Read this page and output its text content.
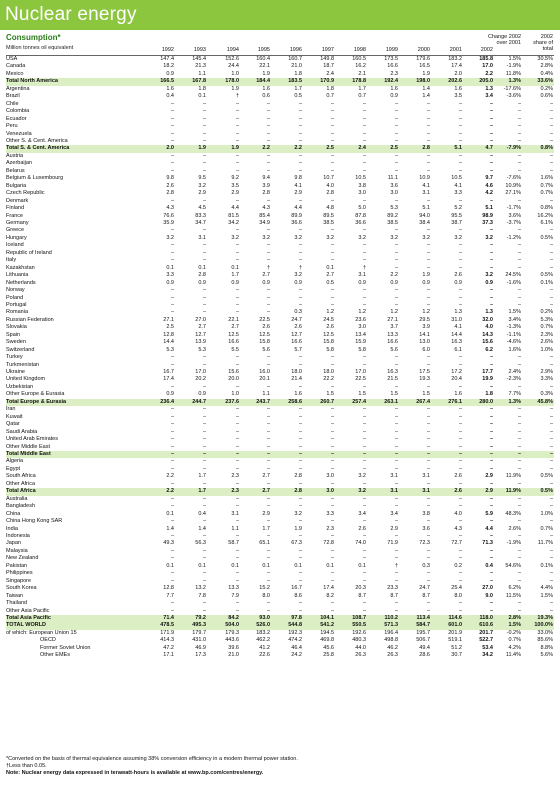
Nuclear energy
Consumption*
Million tonnes oil equivalent	1992	1993	1994	1995	1996	1997	1998	1999	2000	2001	2002
Change 2002 over 2001
2002 share of total
USA	147.4	145.4	152.6	160.4	160.7	149.8	160.5	173.5	179.6	183.2	185.8	1.5%	30.5%
Canada	18.2	21.3	24.4	22.1	21.0	18.7	16.2	16.6	16.5	17.4	17.0	-1.9%	2.8%
Mexico	0.9	1.1	1.0	1.9	1.8	2.4	2.1	2.3	1.9	2.0	2.2	11.8%	0.4%
Total North America	166.5	167.8	178.0	184.4	183.5	170.9	178.8	192.4	198.0	202.6	205.0	1.3%	33.6%
Argentina	1.6	1.8	1.9	1.6	1.7	1.8	1.7	1.6	1.4	1.6	1.3	-17.6%	0.2%
Brazil	0.4	0.1	†	0.6	0.5	0.7	0.7	0.9	1.4	3.5	3.4	-3.6%	0.6%
Chile	–	–	–	–	–	–	–	–	–	–	–	–	–
Colombia	–	–	–	–	–	–	–	–	–	–	–	–	–
Ecuador	–	–	–	–	–	–	–	–	–	–	–	–	–
Peru	–	–	–	–	–	–	–	–	–	–	–	–	–
Venezuela	–	–	–	–	–	–	–	–	–	–	–	–	–
Other S. & Cent. America	–	–	–	–	–	–	–	–	–	–	–	–	–
Total S. & Cent. America	2.0	1.9	1.9	2.2	2.2	2.5	2.4	2.5	2.8	5.1	4.7	-7.9%	0.8%
Austria	–	–	–	–	–	–	–	–	–	–	–	–	–
Azerbaijan	–	–	–	–	–	–	–	–	–	–	–	–	–
Belarus	–	–	–	–	–	–	–	–	–	–	–	–	–
Belgium & Luxembourg	9.8	9.5	9.2	9.4	9.8	10.7	10.5	11.1	10.9	10.5	9.7	-7.6%	1.6%
Bulgaria	2.6	3.2	3.5	3.9	4.1	4.0	3.8	3.6	4.1	4.1	4.6	10.9%	0.7%
Czech Republic	2.8	2.9	2.9	2.8	2.9	2.8	3.0	3.0	3.1	3.3	4.2	27.1%	0.7%
Denmark	–	–	–	–	–	–	–	–	–	–	–	–	–
Finland	4.3	4.5	4.4	4.3	4.4	4.8	5.0	5.3	5.1	5.2	5.1	-1.7%	0.8%
France	76.6	83.3	81.5	85.4	89.9	89.5	87.8	89.2	94.0	95.5	98.9	3.6%	16.2%
Germany	35.9	34.7	34.2	34.9	36.6	38.5	36.6	38.5	38.4	38.7	37.3	-3.7%	6.1%
Greece	–	–	–	–	–	–	–	–	–	–	–	–	–
Hungary	3.2	3.1	3.2	3.2	3.2	3.2	3.2	3.2	3.2	3.2	3.2	-1.2%	0.5%
Iceland	–	–	–	–	–	–	–	–	–	–	–	–	–
Republic of Ireland	–	–	–	–	–	–	–	–	–	–	–	–	–
Italy	–	–	–	–	–	–	–	–	–	–	–	–	–
Kazakhstan	0.1	0.1	0.1	†	†	0.1	†	–	–	–	–	–	–
Lithuania	3.3	2.8	1.7	2.7	3.2	2.7	3.1	2.2	1.9	2.6	3.2	24.5%	0.5%
Netherlands	0.9	0.9	0.9	0.9	0.9	0.5	0.9	0.9	0.9	0.9	0.9	-1.6%	0.1%
Norway	–	–	–	–	–	–	–	–	–	–	–	–	–
Poland	–	–	–	–	–	–	–	–	–	–	–	–	–
Portugal	–	–	–	–	–	–	–	–	–	–	–	–	–
Romania	–	–	–	–	0.3	1.2	1.2	1.2	1.2	1.3	1.3	1.5%	0.2%
Russian Federation	27.1	27.0	22.1	22.5	24.7	24.5	23.6	27.1	29.5	31.0	32.0	3.4%	5.3%
Slovakia	2.5	2.7	2.7	2.6	2.6	2.6	3.0	3.7	3.9	4.1	4.0	-1.3%	0.7%
Spain	12.8	12.7	12.5	12.5	12.7	12.5	13.4	13.3	14.1	14.4	14.3	-1.1%	2.3%
Sweden	14.4	13.9	16.6	15.8	16.6	15.8	15.9	16.6	13.0	16.3	15.6	-4.6%	2.6%
Switzerland	5.3	5.3	5.5	5.6	5.7	5.8	5.8	5.6	6.0	6.1	6.2	1.6%	1.0%
Turkey	–	–	–	–	–	–	–	–	–	–	–	–	–
Turkmenistan	–	–	–	–	–	–	–	–	–	–	–	–	–
Ukraine	16.7	17.0	15.6	16.0	18.0	18.0	17.0	16.3	17.5	17.2	17.7	2.4%	2.9%
United Kingdom	17.4	20.2	20.0	20.1	21.4	22.2	22.5	21.5	19.3	20.4	19.9	-2.3%	3.3%
Uzbekistan	–	–	–	–	–	–	–	–	–	–	–	–	–
Other Europe & Eurasia	0.9	0.9	1.0	1.1	1.6	1.5	1.5	1.5	1.5	1.6	1.8	7.7%	0.3%
Total Europe & Eurasia	236.4	244.7	237.6	243.7	258.6	260.7	257.4	263.1	267.4	276.1	280.0	1.3%	45.8%
Iran	–	–	–	–	–	–	–	–	–	–	–	–	–
Kuwait	–	–	–	–	–	–	–	–	–	–	–	–	–
Qatar	–	–	–	–	–	–	–	–	–	–	–	–	–
Saudi Arabia	–	–	–	–	–	–	–	–	–	–	–	–	–
United Arab Emirates	–	–	–	–	–	–	–	–	–	–	–	–	–
Other Middle East	–	–	–	–	–	–	–	–	–	–	–	–	–
Total Middle East	–	–	–	–	–	–	–	–	–	–	–	–	–
Algeria	–	–	–	–	–	–	–	–	–	–	–	–	–
Egypt	–	–	–	–	–	–	–	–	–	–	–	–	–
South Africa	2.2	1.7	2.3	2.7	2.8	3.0	3.2	3.1	3.1	2.6	2.9	11.9%	0.5%
Other Africa	–	–	–	–	–	–	–	–	–	–	–	–	–
Total Africa	2.2	1.7	2.3	2.7	2.8	3.0	3.2	3.1	3.1	2.6	2.9	11.9%	0.5%
Australia	–	–	–	–	–	–	–	–	–	–	–	–	–
Bangladesh	–	–	–	–	–	–	–	–	–	–	–	–	–
China	0.1	0.4	3.1	2.9	3.2	3.3	3.4	3.4	3.8	4.0	5.9	48.3%	1.0%
China Hong Kong SAR	–	–	–	–	–	–	–	–	–	–	–	–	–
India	1.4	1.4	1.1	1.7	1.9	2.3	2.6	2.9	3.6	4.3	4.4	2.6%	0.7%
Indonesia	–	–	–	–	–	–	–	–	–	–	–	–	–
Japan	49.3	56.3	58.7	65.1	67.3	72.8	74.0	71.9	72.3	72.7	71.3	-1.9%	11.7%
Malaysia	–	–	–	–	–	–	–	–	–	–	–	–	–
New Zealand	–	–	–	–	–	–	–	–	–	–	–	–	–
Pakistan	0.1	0.1	0.1	0.1	0.1	0.1	0.1	†	0.3	0.2	0.4	54.6%	0.1%
Philippines	–	–	–	–	–	–	–	–	–	–	–	–	–
Singapore	–	–	–	–	–	–	–	–	–	–	–	–	–
South Korea	12.8	13.2	13.3	15.2	16.7	17.4	20.3	23.3	24.7	25.4	27.0	6.2%	4.4%
Taiwan	7.7	7.8	7.9	8.0	8.6	8.2	8.7	8.7	8.7	8.0	9.0	11.5%	1.5%
Thailand	–	–	–	–	–	–	–	–	–	–	–	–	–
Other Asia Pacific	–	–	–	–	–	–	–	–	–	–	–	–	–
Total Asia Pacific	71.4	79.2	84.2	93.0	97.8	104.1	108.7	110.2	113.4	114.6	118.0	2.8%	19.3%
TOTAL WORLD	478.5	495.3	504.0	526.0	544.8	541.2	550.5	571.3	584.7	601.0	610.6	1.5%	100.0%
of which: European Union 15	171.9	179.7	179.3	183.2	192.3	194.5	192.6	196.4	195.7	201.9	201.7	-0.2%	33.0%
OECD	414.3	431.0	443.6	462.2	474.2	469.8	480.3	498.8	506.7	519.1	522.7	0.7%	85.6%
Former Soviet Union	47.2	46.9	39.6	41.2	46.4	45.6	44.0	46.2	49.4	51.2	53.4	4.2%	8.8%
Other EMEs	17.1	17.3	21.0	22.6	24.2	25.8	26.3	26.3	28.6	30.7	34.2	11.4%	5.6%
*Converted on the basis of thermal equivalence assuming 38% conversion efficiency in a modern thermal power station.
†Less than 0.05.
Note: Nuclear energy data expressed in terawatt-hours is available at www.bp.com/centres/energy.
